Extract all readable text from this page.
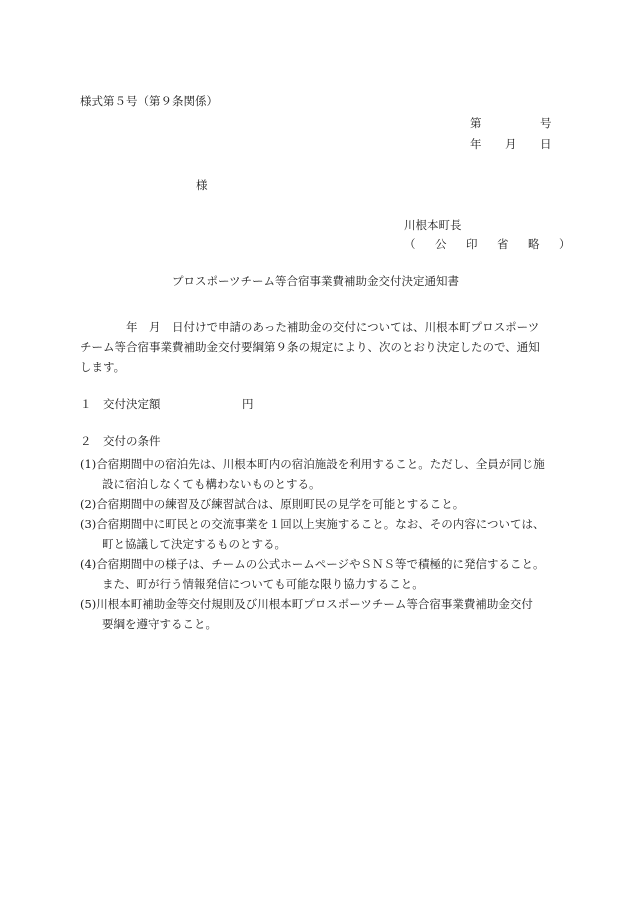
様式第５号（第９条関係）
第	号
年 月 日
様
川根本町長
（　公　印　省　略　）
プロスポーツチーム等合宿事業費補助金交付決定通知書
　　　　年　月　日付けで申請のあった補助金の交付については、川根本町プロスポーツ
チーム等合宿事業費補助金交付要綱第９条の規定により、次のとおり決定したので、通知
します。
１　交付決定額	円
２　交付の条件
(1)合宿期間中の宿泊先は、川根本町内の宿泊施設を利用すること。ただし、全員が同じ施
設に宿泊しなくても構わないものとする。
(2)合宿期間中の練習及び練習試合は、原則町民の見学を可能とすること。
(3)合宿期間中に町民との交流事業を１回以上実施すること。なお、その内容については、
町と協議して決定するものとする。
(4)合宿期間中の様子は、チームの公式ホームページやＳＮＳ等で積極的に発信すること。
また、町が行う情報発信についても可能な限り協力すること。
(5)川根本町補助金等交付規則及び川根本町プロスポーツチーム等合宿事業費補助金交付
要綱を遵守すること。
